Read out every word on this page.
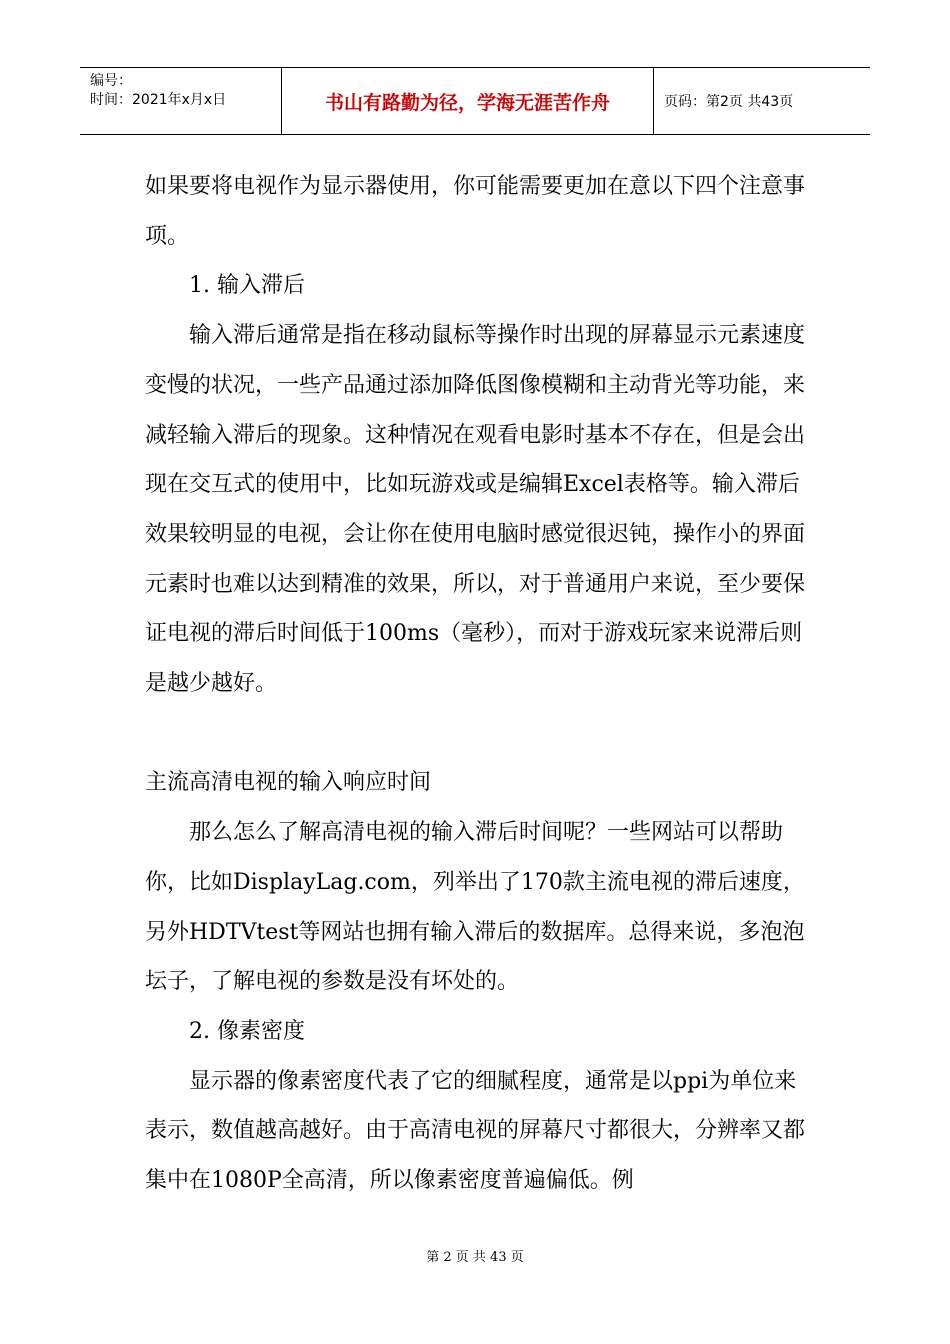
编号：
时间：2021年x月x日	书山有路勤为径，学海无涯苦作舟	页码：第2页 共43页

如果要将电视作为显示器使用，你可能需要更加在意以下四个注意事项。

1. 输入滞后

输入滞后通常是指在移动鼠标等操作时出现的屏幕显示元素速度变慢的状况，一些产品通过添加降低图像模糊和主动背光等功能，来减轻输入滞后的现象。这种情况在观看电影时基本不存在，但是会出现在交互式的使用中，比如玩游戏或是编辑Excel表格等。输入滞后效果较明显的电视，会让你在使用电脑时感觉很迟钝，操作小的界面元素时也难以达到精准的效果，所以，对于普通用户来说，至少要保证电视的滞后时间低于100ms（毫秒），而对于游戏玩家来说滞后则是越少越好。

主流高清电视的输入响应时间

那么怎么了解高清电视的输入滞后时间呢？一些网站可以帮助你，比如DisplayLag.com，列举出了170款主流电视的滞后速度，另外HDTVtest等网站也拥有输入滞后的数据库。总得来说，多泡泡坛子，了解电视的参数是没有坏处的。

2. 像素密度

显示器的像素密度代表了它的细腻程度，通常是以ppi为单位来表示，数值越高越好。由于高清电视的屏幕尺寸都很大，分辨率又都集中在1080P全高清，所以像素密度普遍偏低。例

第 2 页 共 43 页
